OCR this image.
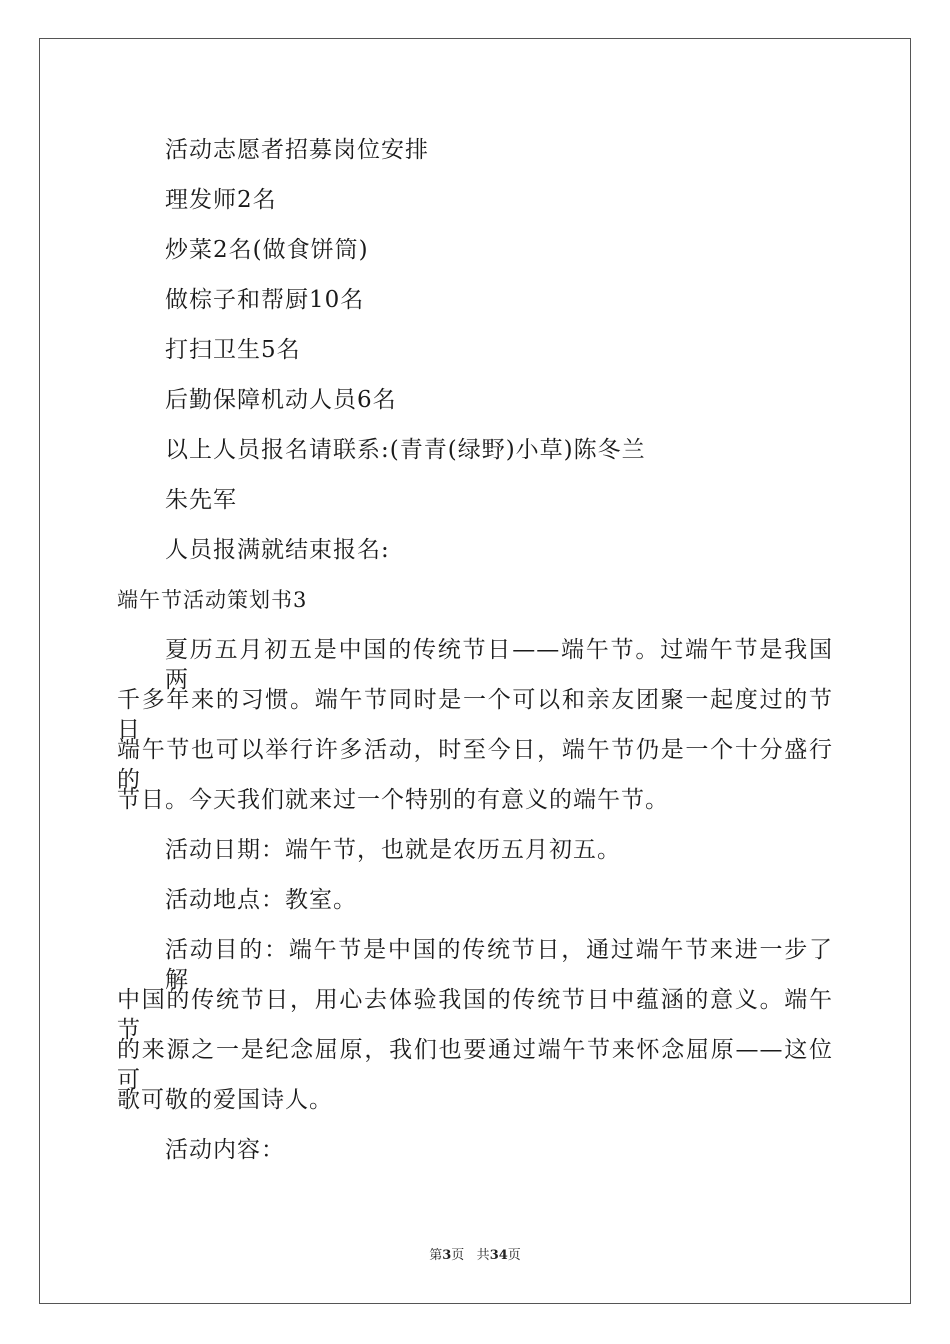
活动志愿者招募岗位安排
理发师2名
炒菜2名(做食饼筒)
做棕子和帮厨10名
打扫卫生5名
后勤保障机动人员6名
以上人员报名请联系:(青青(绿野)小草)陈冬兰
朱先军
人员报满就结束报名:
端午节活动策划书3
夏历五月初五是中国的传统节日——端午节。过端午节是我国两
千多年来的习惯。端午节同时是一个可以和亲友团聚一起度过的节日
端午节也可以举行许多活动，时至今日，端午节仍是一个十分盛行的
节日。今天我们就来过一个特别的有意义的端午节。
活动日期：端午节，也就是农历五月初五。
活动地点：教室。
活动目的：端午节是中国的传统节日，通过端午节来进一步了解
中国的传统节日，用心去体验我国的传统节日中蕴涵的意义。端午节
的来源之一是纪念屈原，我们也要通过端午节来怀念屈原——这位可
歌可敬的爱国诗人。
活动内容：
第3页 共34页
